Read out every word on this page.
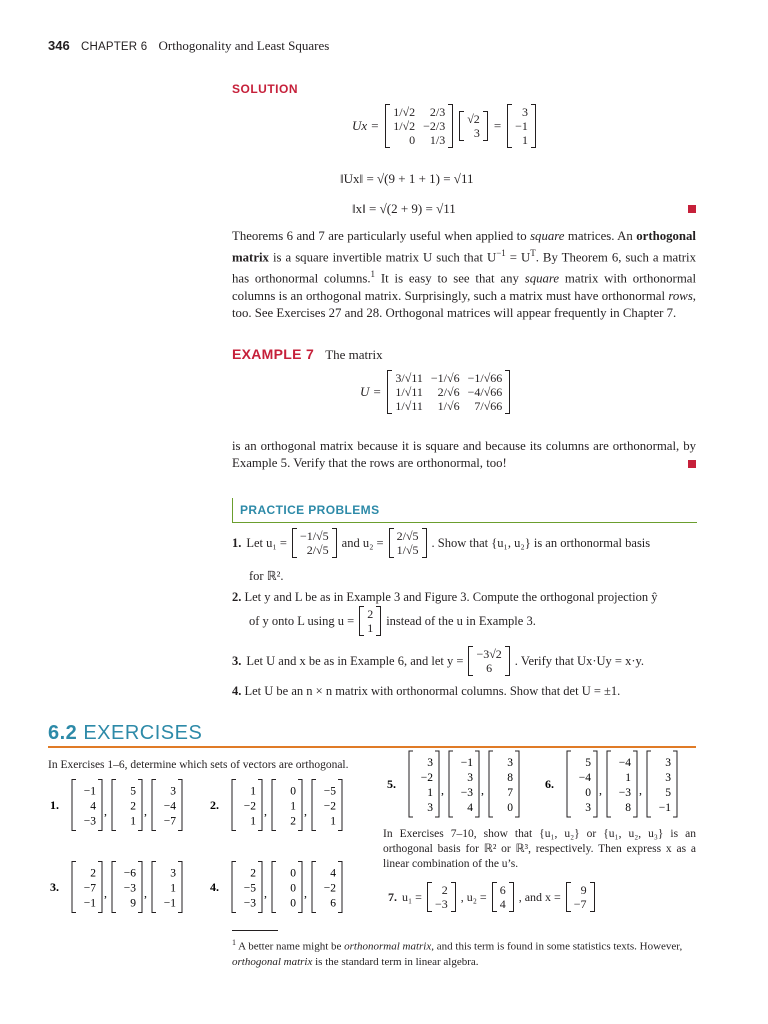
346 CHAPTER 6 Orthogonality and Least Squares
SOLUTION
Ux =
1/√2	2/3
1/√2 −2/3
0	1/3
√2
3 =
3
−1
1
‖Ux‖ = √(9 + 1 + 1) = √11
‖x‖ = √(2 + 9) = √11
Theorems 6 and 7 are particularly useful when applied to square matrices. An orthogonal matrix is a square invertible matrix U such that $U^{-1} = U^T$. By Theorem 6, such a matrix has orthonormal columns.$^1$ It is easy to see that any square matrix with orthonormal columns is an orthogonal matrix. Surprisingly, such a matrix must have orthonormal rows, too. See Exercises 27 and 28. Orthogonal matrices will appear frequently in Chapter 7.
EXAMPLE 7 The matrix
U =
3/√11 −1/√6 −1/√66
1/√11	2/√6 −4/√66
1/√11	1/√6	7/√66
is an orthogonal matrix because it is square and because its columns are orthonormal, by Example 5. Verify that the rows are orthonormal, too!
PRACTICE PROBLEMS
1. Let u₁ = −1/√5
2/√5
and u₂ = 2/√5
1/√5
. Show that {u₁, u₂} is an orthonormal basis
for ℝ².
2. Let y and L be as in Example 3 and Figure 3. Compute the orthogonal projection ŷ
of y onto L using u = 2
1
instead of the u in Example 3.
3. Let U and x be as in Example 6, and let y = −3√2
6
. Verify that Ux·Uy = x·y.
4. Let U be an n × n matrix with orthonormal columns. Show that det U = ±1.
6.2 EXERCISES
In Exercises 1–6, determine which sets of vectors are orthogonal.
1.
−1
4
−3
,
5
2
1
,
3
−4
−7
2.
1
−2
1
,
0
1
2
,
−5
−2
1
3.
2
−7
−1
,
−6
−3
9
,
3
1
−1
4.
2
−5
−3
,
0
0
0
,
4
−2
6
5.
3
−2
1
3
,
−1
3
−3
4
,
3
8
7
0
6.
5
−4
0
3
,
−4
1
−3
8
,
3
3
5
−1
In Exercises 7–10, show that {u₁, u₂} or {u₁, u₂, u₃} is an orthogonal basis for ℝ² or ℝ³, respectively. Then express x as a linear combination of the u’s.
7. u₁ =	2
−3
, u₂ = 6
4
, and x =	9
−7
$^1$ A better name might be orthonormal matrix, and this term is found in some statistics texts. However, orthogonal matrix is the standard term in linear algebra.
